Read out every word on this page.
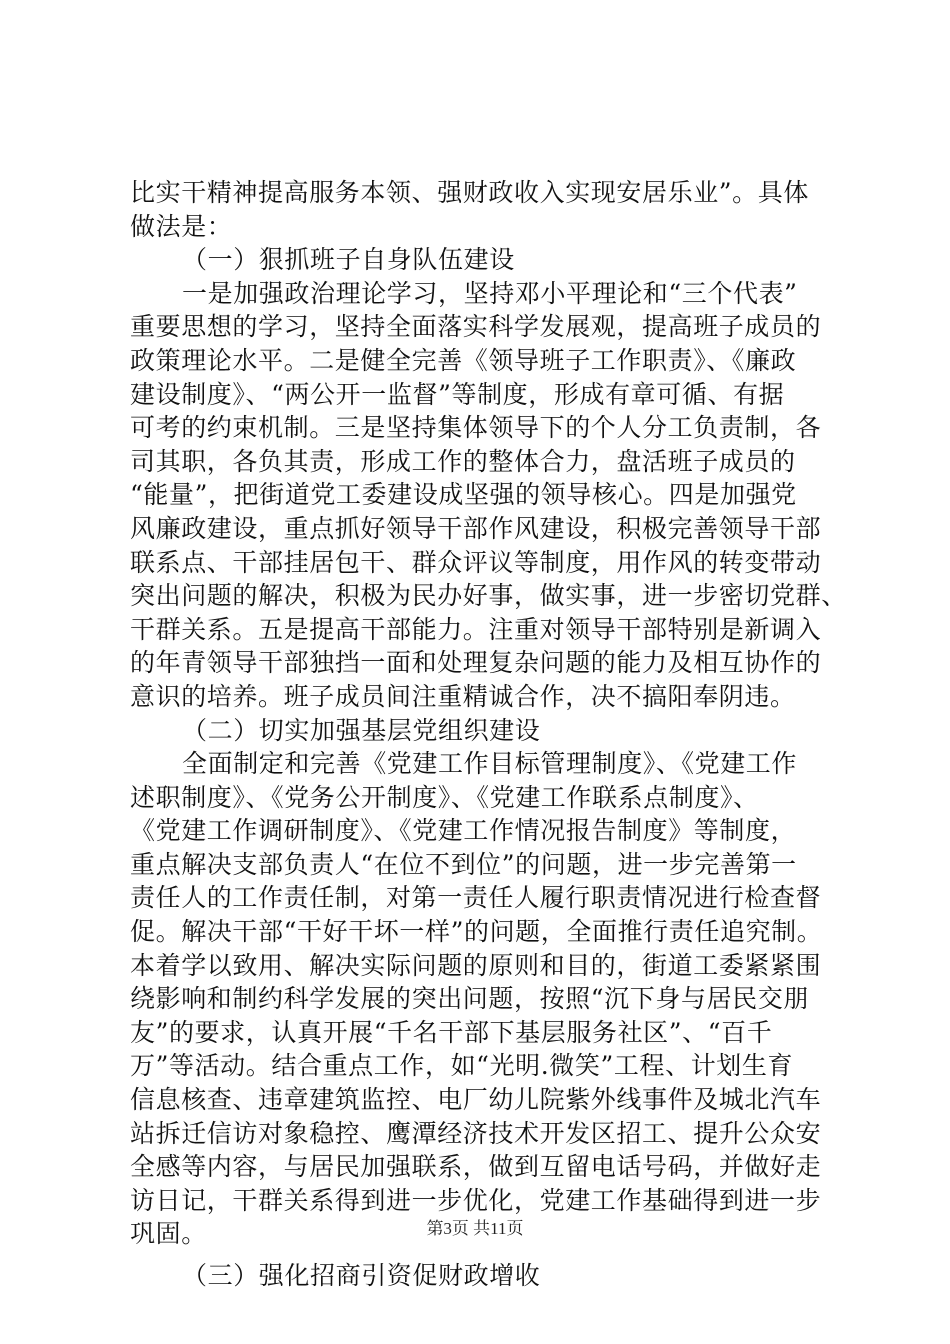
比实干精神提高服务本领、强财政收入实现安居乐业”。具体
做法是：
（一）狠抓班子自身队伍建设
一是加强政治理论学习，坚持邓小平理论和“三个代表”
重要思想的学习，坚持全面落实科学发展观，提高班子成员的
政策理论水平。二是健全完善《领导班子工作职责》、《廉政
建设制度》、“两公开一监督”等制度，形成有章可循、有据
可考的约束机制。三是坚持集体领导下的个人分工负责制，各
司其职，各负其责，形成工作的整体合力，盘活班子成员的
“能量”，把街道党工委建设成坚强的领导核心。四是加强党
风廉政建设，重点抓好领导干部作风建设，积极完善领导干部
联系点、干部挂居包干、群众评议等制度，用作风的转变带动
突出问题的解决，积极为民办好事，做实事，进一步密切党群、
干群关系。五是提高干部能力。注重对领导干部特别是新调入
的年青领导干部独挡一面和处理复杂问题的能力及相互协作的
意识的培养。班子成员间注重精诚合作，决不搞阳奉阴违。
（二）切实加强基层党组织建设
全面制定和完善《党建工作目标管理制度》、《党建工作
述职制度》、《党务公开制度》、《党建工作联系点制度》、
《党建工作调研制度》、《党建工作情况报告制度》等制度，
重点解决支部负责人“在位不到位”的问题，进一步完善第一
责任人的工作责任制，对第一责任人履行职责情况进行检查督
促。解决干部“干好干坏一样”的问题，全面推行责任追究制。
本着学以致用、解决实际问题的原则和目的，街道工委紧紧围
绕影响和制约科学发展的突出问题，按照“沉下身与居民交朋
友”的要求，认真开展“千名干部下基层服务社区”、“百千
万”等活动。结合重点工作，如“光明.微笑”工程、计划生育
信息核查、违章建筑监控、电厂幼儿院紫外线事件及城北汽车
站拆迁信访对象稳控、鹰潭经济技术开发区招工、提升公众安
全感等内容，与居民加强联系，做到互留电话号码，并做好走
访日记，干群关系得到进一步优化，党建工作基础得到进一步
巩固。
（三）强化招商引资促财政增收
第3页 共11页
